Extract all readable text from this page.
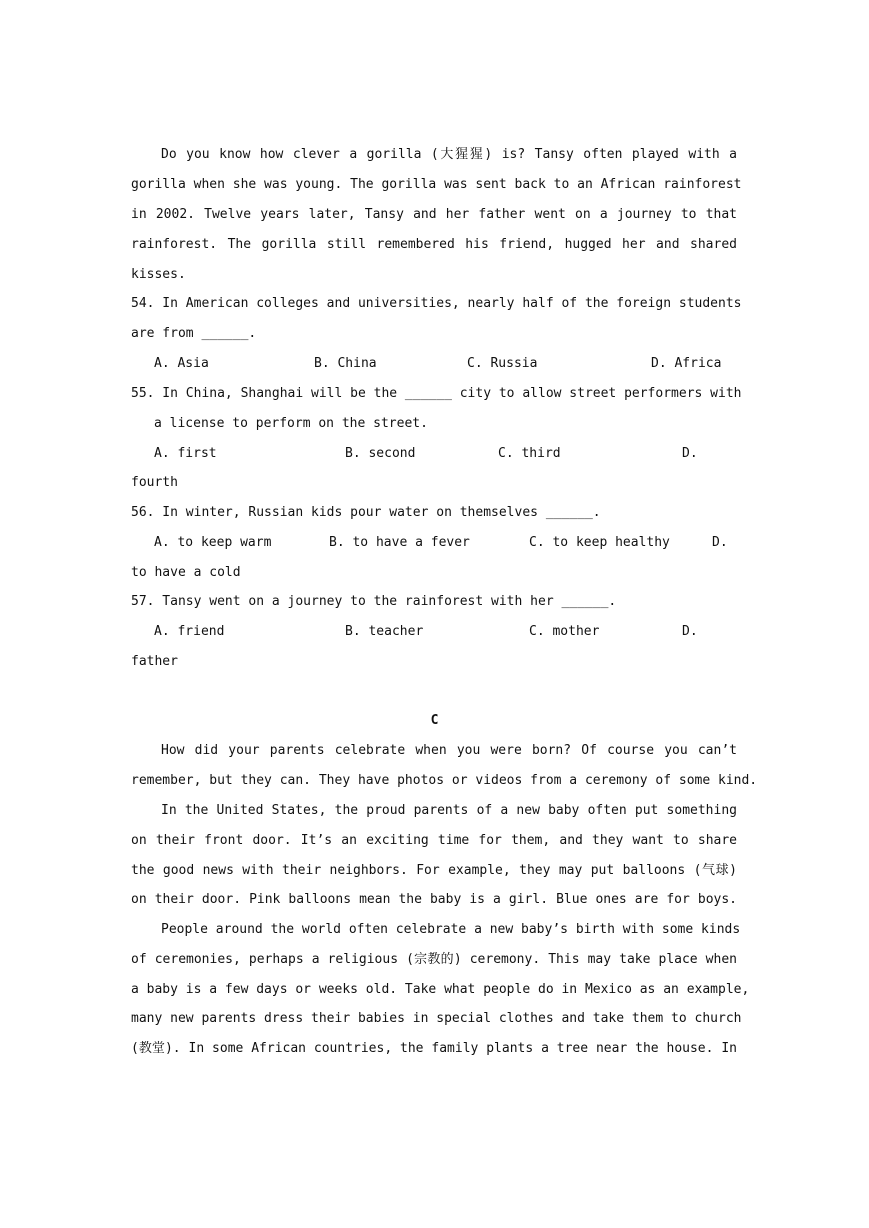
Do you know how clever a gorilla (大猩猩) is? Tansy often played with a
gorilla when she was young. The gorilla was sent back to an African rainforest
in 2002. Twelve years later, Tansy and her father went on a journey to that
rainforest. The gorilla still remembered his friend, hugged her and shared
kisses.
54. In American colleges and universities, nearly half of the foreign students
are from ______.
A. Asia	B. China	C. Russia	D. Africa
55. In China, Shanghai will be the ______ city to allow street performers with
a license to perform on the street.
A. first	B. second	C. third	D.
fourth
56. In winter, Russian kids pour water on themselves ______.
A. to keep warm	B. to have a fever	C. to keep healthy	D.
to have a cold
57. Tansy went on a journey to the rainforest with her ______.
A. friend	B. teacher	C. mother	D.
father
C
How did your parents celebrate when you were born? Of course you can’t
remember, but they can. They have photos or videos from a ceremony of some kind.
In the United States, the proud parents of a new baby often put something
on their front door. It’s an exciting time for them, and they want to share
the good news with their neighbors. For example, they may put balloons (气球)
on their door. Pink balloons mean the baby is a girl. Blue ones are for boys.
People around the world often celebrate a new baby’s birth with some kinds
of ceremonies, perhaps a religious (宗教的) ceremony. This may take place when
a baby is a few days or weeks old. Take what people do in Mexico as an example,
many new parents dress their babies in special clothes and take them to church
(教堂). In some African countries, the family plants a tree near the house. In
